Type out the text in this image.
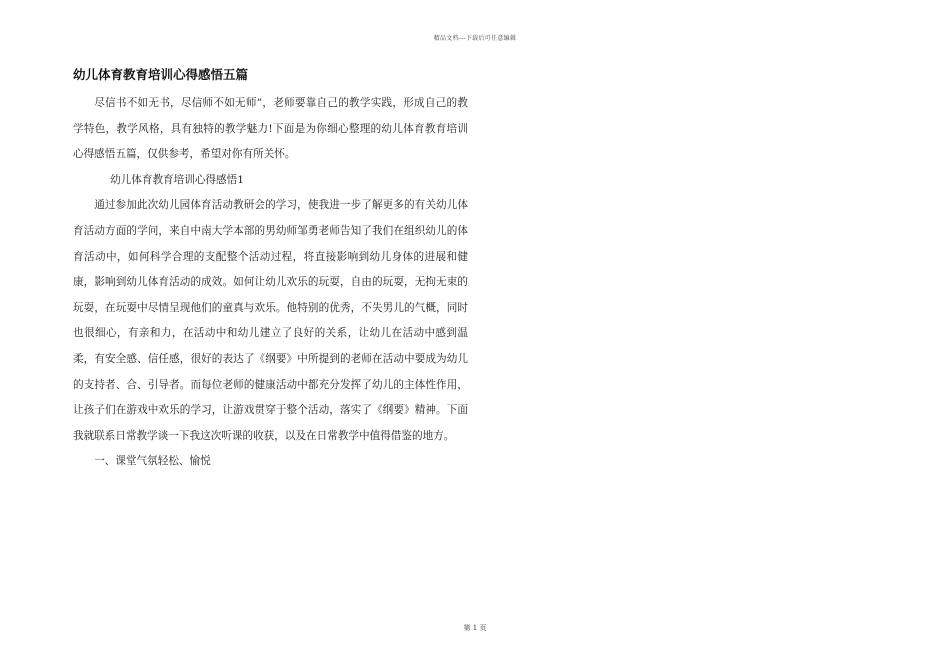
精品文档---下载后可任意编辑
幼儿体育教育培训心得感悟五篇

尽信书不如无书，尽信师不如无师”，老师要靠自己的教学实践，形成自己的教学特色，教学风格，具有独特的教学魅力!下面是为你细心整理的幼儿体育教育培训心得感悟五篇，仅供参考，希望对你有所关怀。

幼儿体育教育培训心得感悟1

通过参加此次幼儿园体育活动教研会的学习，使我进一步了解更多的有关幼儿体育活动方面的学问，来自中南大学本部的男幼师邹勇老师告知了我们在组织幼儿的体育活动中，如何科学合理的支配整个活动过程，将直接影响到幼儿身体的进展和健康，影响到幼儿体育活动的成效。如何让幼儿欢乐的玩耍，自由的玩耍，无拘无束的玩耍，在玩耍中尽情呈现他们的童真与欢乐。他特别的优秀，不失男儿的气概，同时也很细心，有亲和力，在活动中和幼儿建立了良好的关系，让幼儿在活动中感到温柔，有安全感、信任感，很好的表达了《纲要》中所提到的老师在活动中要成为幼儿的支持者、合、引导者。而每位老师的健康活动中都充分发挥了幼儿的主体性作用，让孩子们在游戏中欢乐的学习，让游戏贯穿于整个活动，落实了《纲要》精神。下面我就联系日常教学谈一下我这次听课的收获，以及在日常教学中值得借鉴的地方。

一、课堂气氛轻松、愉悦

第 1 页
